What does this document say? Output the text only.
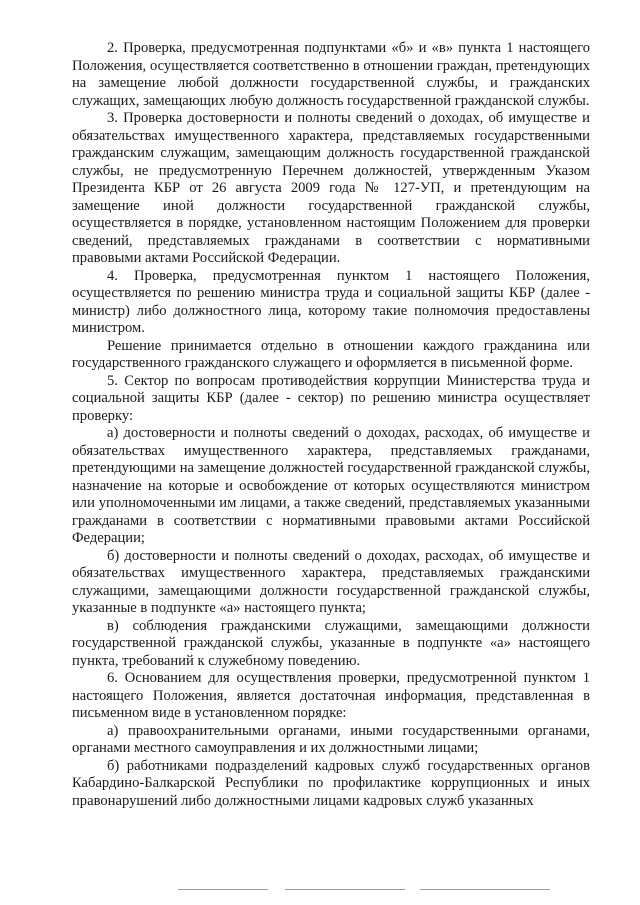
2. Проверка, предусмотренная подпунктами «б» и «в» пункта 1 настоящего Положения, осуществляется соответственно в отношении граждан, претендующих на замещение любой должности государственной службы, и гражданских служащих, замещающих любую должность государственной гражданской службы.

3. Проверка достоверности и полноты сведений о доходах, об имуществе и обязательствах имущественного характера, представляемых государственными гражданским служащим, замещающим должность государственной гражданской службы, не предусмотренную Перечнем должностей, утвержденным Указом Президента КБР от 26 августа 2009 года № 127-УП, и претендующим на замещение иной должности государственной гражданской службы, осуществляется в порядке, установленном настоящим Положением для проверки сведений, представляемых гражданами в соответствии с нормативными правовыми актами Российской Федерации.

4. Проверка, предусмотренная пунктом 1 настоящего Положения, осуществляется по решению министра труда и социальной защиты КБР (далее - министр) либо должностного лица, которому такие полномочия предоставлены министром.

Решение принимается отдельно в отношении каждого гражданина или государственного гражданского служащего и оформляется в письменной форме.

5. Сектор по вопросам противодействия коррупции Министерства труда и социальной защиты КБР (далее - сектор) по решению министра осуществляет проверку:

а) достоверности и полноты сведений о доходах, расходах, об имуществе и обязательствах имущественного характера, представляемых гражданами, претендующими на замещение должностей государственной гражданской службы, назначение на которые и освобождение от которых осуществляются министром или уполномоченными им лицами, а также сведений, представляемых указанными гражданами в соответствии с нормативными правовыми актами Российской Федерации;

б) достоверности и полноты сведений о доходах, расходах, об имуществе и обязательствах имущественного характера, представляемых гражданскими служащими, замещающими должности государственной гражданской службы, указанные в подпункте «а» настоящего пункта;

в) соблюдения гражданскими служащими, замещающими должности государственной гражданской службы, указанные в подпункте «а» настоящего пункта, требований к служебному поведению.

6. Основанием для осуществления проверки, предусмотренной пунктом 1 настоящего Положения, является достаточная информация, представленная в письменном виде в установленном порядке:

а) правоохранительными органами, иными государственными органами, органами местного самоуправления и их должностными лицами;

б) работниками подразделений кадровых служб государственных органов Кабардино-Балкарской Республики по профилактике коррупционных и иных правонарушений либо должностными лицами кадровых служб указанных
